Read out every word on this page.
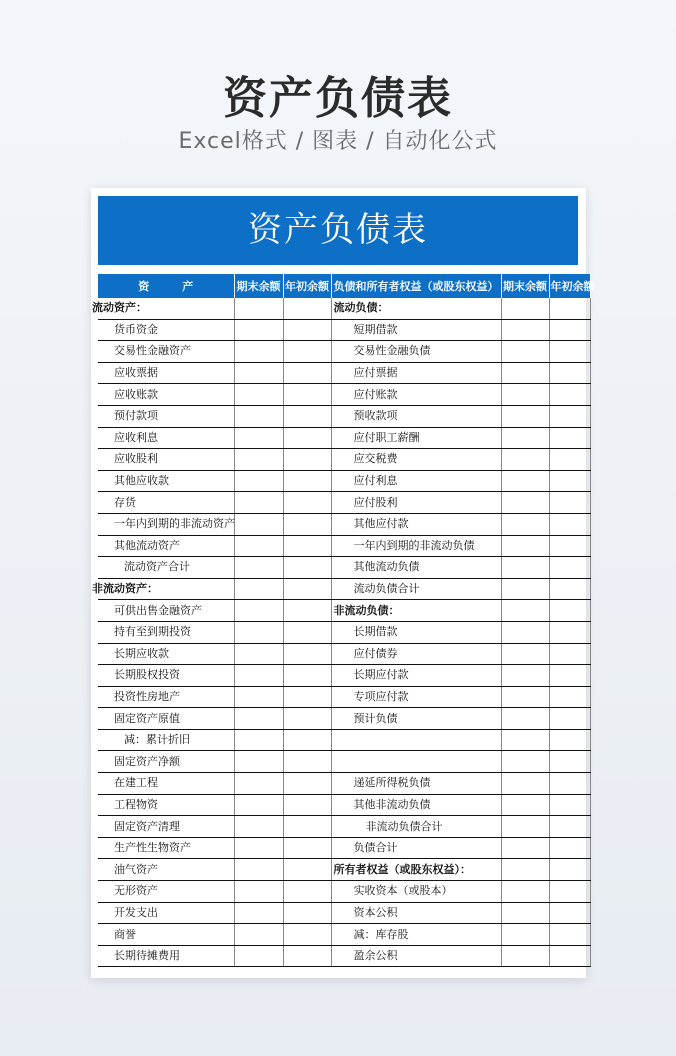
资产负债表
Excel格式 / 图表 / 自动化公式
资产负债表
资　　　产	期末余额	年初余额	负债和所有者权益（或股东权益）	期末余额	年初余额
流动资产：			流动负债：		
货币资金			短期借款		
交易性金融资产			交易性金融负债		
应收票据			应付票据		
应收账款			应付账款		
预付款项			预收款项		
应收利息			应付职工薪酬		
应收股利			应交税费		
其他应收款			应付利息		
存货			应付股利		
一年内到期的非流动资产			其他应付款		
其他流动资产			一年内到期的非流动负债		
流动资产合计			其他流动负债		
非流动资产：			流动负债合计		
可供出售金融资产			非流动负债：		
持有至到期投资			长期借款		
长期应收款			应付债券		
长期股权投资			长期应付款		
投资性房地产			专项应付款		
固定资产原值			预计负债		
减：累计折旧					
固定资产净额					
在建工程			递延所得税负债		
工程物资			其他非流动负债		
固定资产清理			非流动负债合计		
生产性生物资产			负债合计		
油气资产			所有者权益（或股东权益）：		
无形资产			实收资本（或股本）		
开发支出			资本公积		
商誉			减：库存股		
长期待摊费用			盈余公积		
